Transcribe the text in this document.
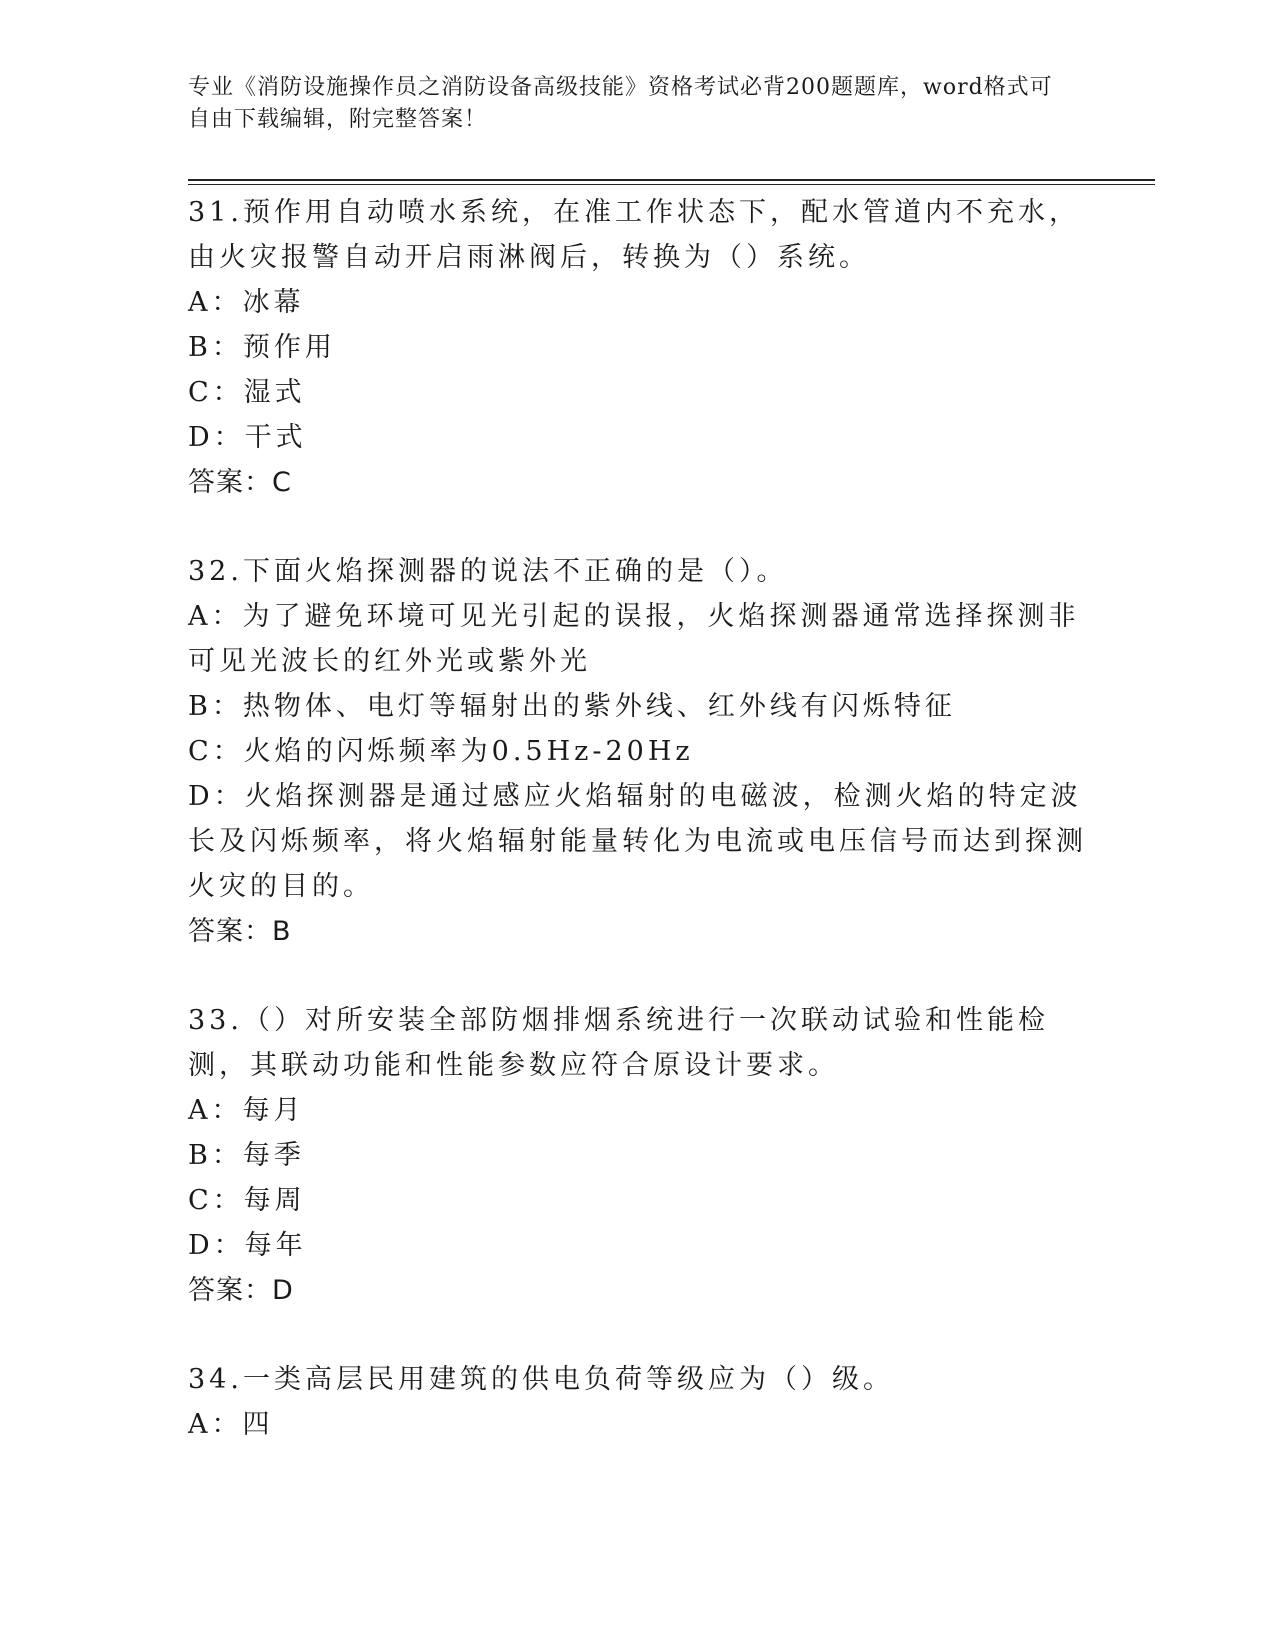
专业《消防设施操作员之消防设备高级技能》资格考试必背200题题库，word格式可自由下载编辑，附完整答案！
31.预作用自动喷水系统，在准工作状态下，配水管道内不充水，由火灾报警自动开启雨淋阀后，转换为（）系统。
A：冰幕
B：预作用
C：湿式
D：干式
答案：C
32.下面火焰探测器的说法不正确的是（）。
A：为了避免环境可见光引起的误报，火焰探测器通常选择探测非可见光波长的红外光或紫外光
B：热物体、电灯等辐射出的紫外线、红外线有闪烁特征
C：火焰的闪烁频率为0.5Hz-20Hz
D：火焰探测器是通过感应火焰辐射的电磁波，检测火焰的特定波长及闪烁频率，将火焰辐射能量转化为电流或电压信号而达到探测火灾的目的。
答案：B
33.（）对所安装全部防烟排烟系统进行一次联动试验和性能检测，其联动功能和性能参数应符合原设计要求。
A：每月
B：每季
C：每周
D：每年
答案：D
34.一类高层民用建筑的供电负荷等级应为（）级。
A：四
